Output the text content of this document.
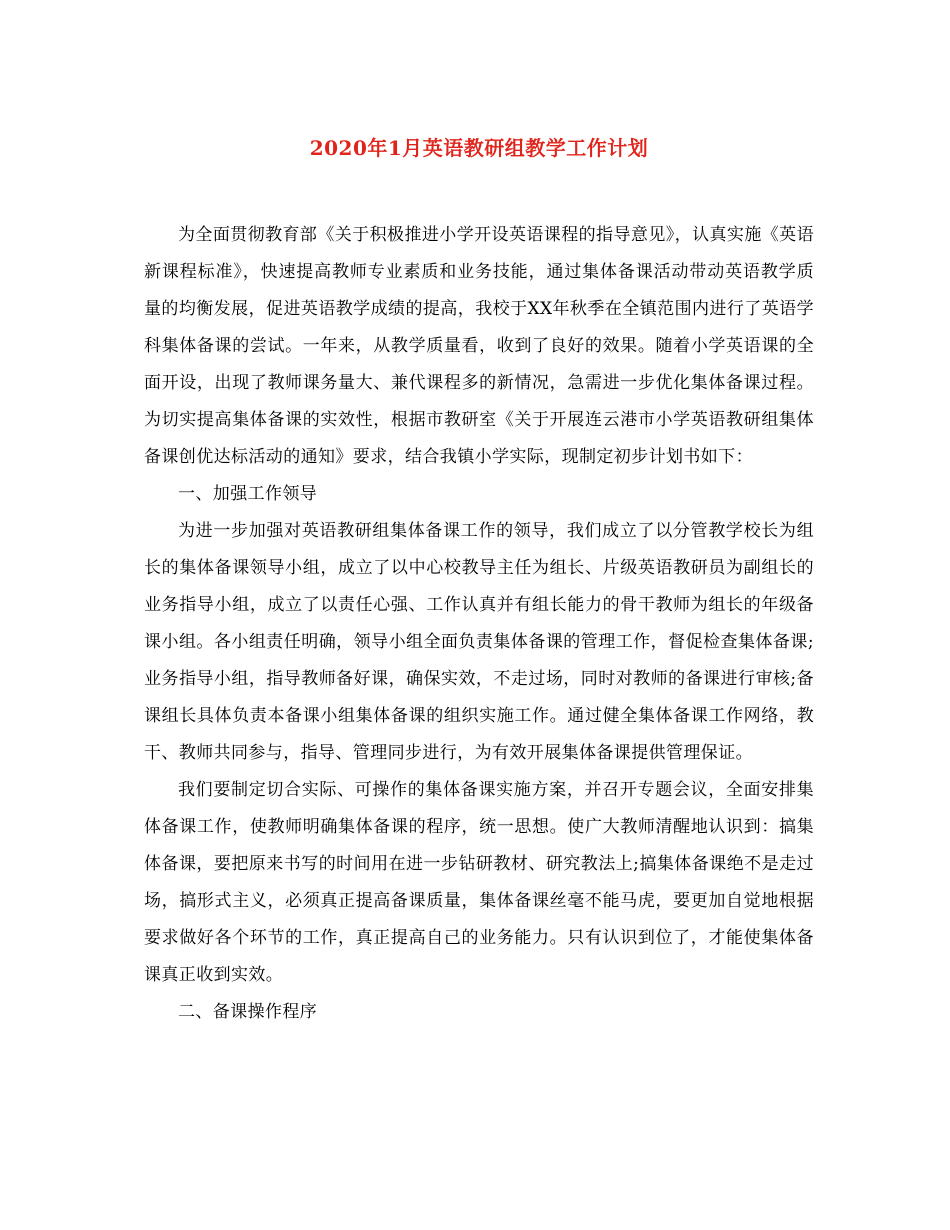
2020年1月英语教研组教学工作计划

为全面贯彻教育部《关于积极推进小学开设英语课程的指导意见》，认真实施《英语新课程标准》，快速提高教师专业素质和业务技能，通过集体备课活动带动英语教学质量的均衡发展，促进英语教学成绩的提高，我校于XX年秋季在全镇范围内进行了英语学科集体备课的尝试。一年来，从教学质量看，收到了良好的效果。随着小学英语课的全面开设，出现了教师课务量大、兼代课程多的新情况，急需进一步优化集体备课过程。为切实提高集体备课的实效性，根据市教研室《关于开展连云港市小学英语教研组集体备课创优达标活动的通知》要求，结合我镇小学实际，现制定初步计划书如下：

一、加强工作领导

为进一步加强对英语教研组集体备课工作的领导，我们成立了以分管教学校长为组长的集体备课领导小组，成立了以中心校教导主任为组长、片级英语教研员为副组长的业务指导小组，成立了以责任心强、工作认真并有组长能力的骨干教师为组长的年级备课小组。各小组责任明确，领导小组全面负责集体备课的管理工作，督促检查集体备课;业务指导小组，指导教师备好课，确保实效，不走过场，同时对教师的备课进行审核;备课组长具体负责本备课小组集体备课的组织实施工作。通过健全集体备课工作网络，教干、教师共同参与，指导、管理同步进行，为有效开展集体备课提供管理保证。

我们要制定切合实际、可操作的集体备课实施方案，并召开专题会议，全面安排集体备课工作，使教师明确集体备课的程序，统一思想。使广大教师清醒地认识到：搞集体备课，要把原来书写的时间用在进一步钻研教材、研究教法上;搞集体备课绝不是走过场，搞形式主义，必须真正提高备课质量，集体备课丝毫不能马虎，要更加自觉地根据要求做好各个环节的工作，真正提高自己的业务能力。只有认识到位了，才能使集体备课真正收到实效。

二、备课操作程序
